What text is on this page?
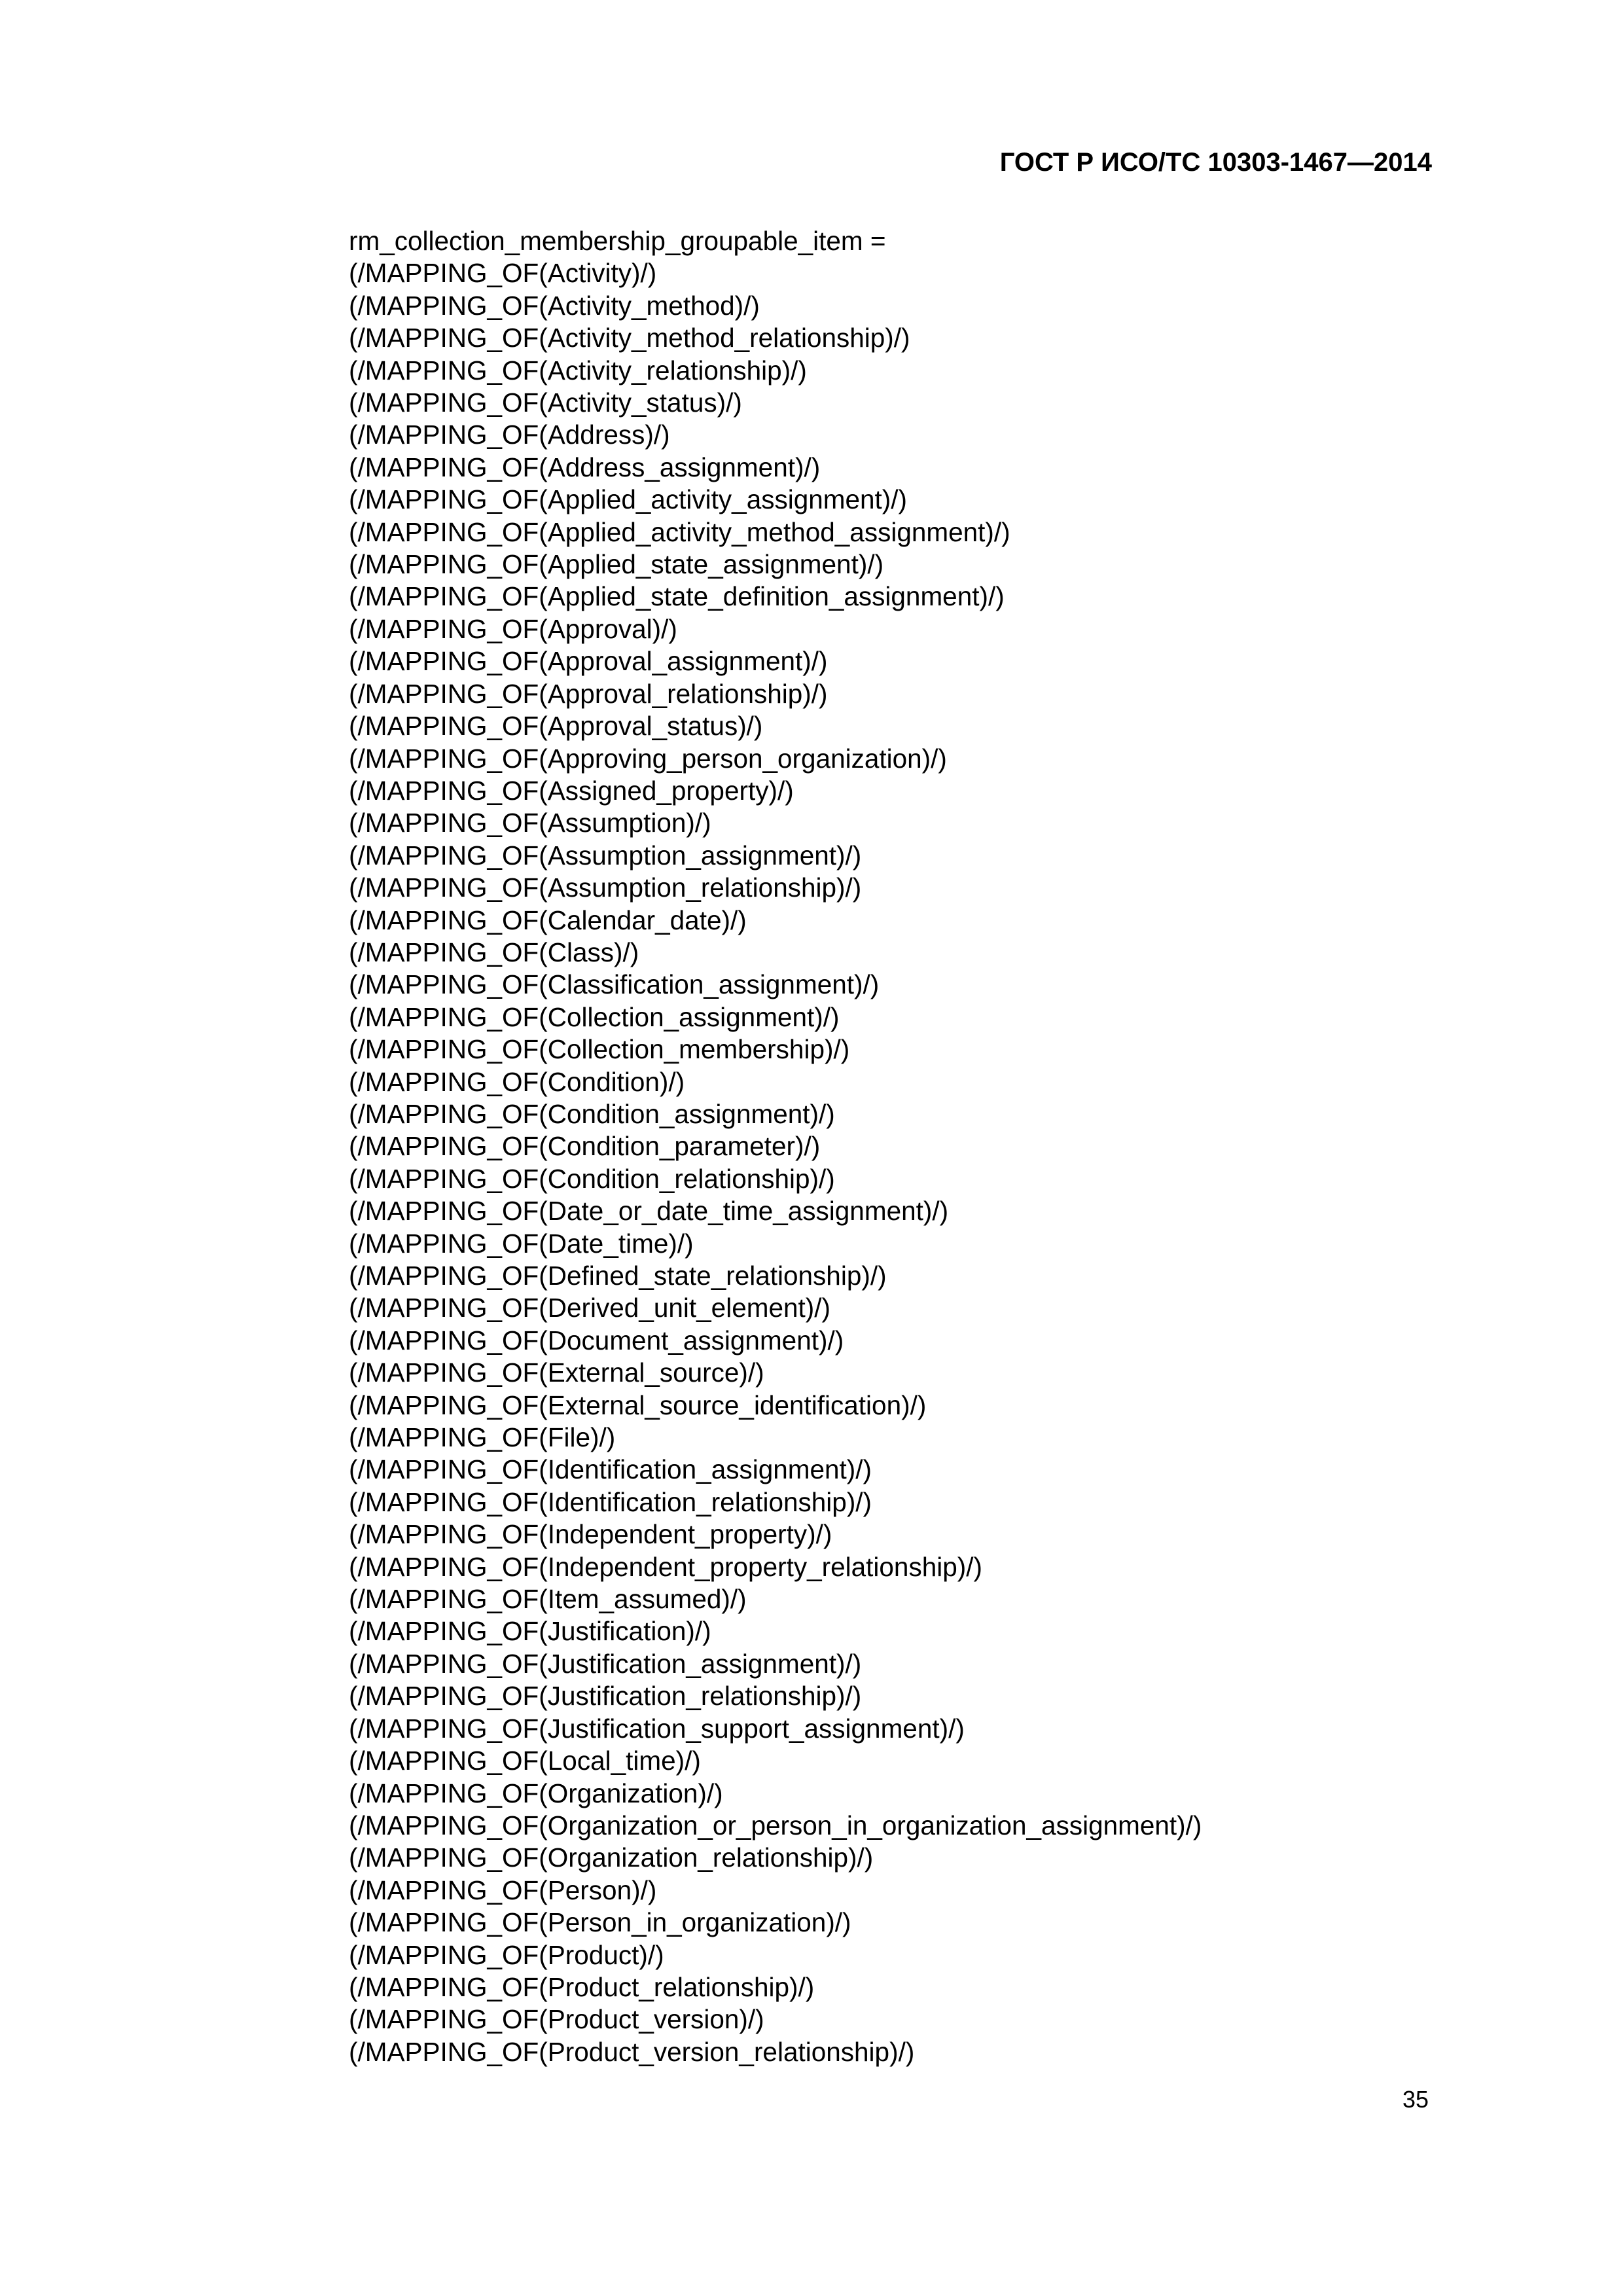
ГОСТ Р ИСО/ТС 10303-1467—2014
rm_collection_membership_groupable_item =
(/MAPPING_OF(Activity)/)
(/MAPPING_OF(Activity_method)/)
(/MAPPING_OF(Activity_method_relationship)/)
(/MAPPING_OF(Activity_relationship)/)
(/MAPPING_OF(Activity_status)/)
(/MAPPING_OF(Address)/)
(/MAPPING_OF(Address_assignment)/)
(/MAPPING_OF(Applied_activity_assignment)/)
(/MAPPING_OF(Applied_activity_method_assignment)/)
(/MAPPING_OF(Applied_state_assignment)/)
(/MAPPING_OF(Applied_state_definition_assignment)/)
(/MAPPING_OF(Approval)/)
(/MAPPING_OF(Approval_assignment)/)
(/MAPPING_OF(Approval_relationship)/)
(/MAPPING_OF(Approval_status)/)
(/MAPPING_OF(Approving_person_organization)/)
(/MAPPING_OF(Assigned_property)/)
(/MAPPING_OF(Assumption)/)
(/MAPPING_OF(Assumption_assignment)/)
(/MAPPING_OF(Assumption_relationship)/)
(/MAPPING_OF(Calendar_date)/)
(/MAPPING_OF(Class)/)
(/MAPPING_OF(Classification_assignment)/)
(/MAPPING_OF(Collection_assignment)/)
(/MAPPING_OF(Collection_membership)/)
(/MAPPING_OF(Condition)/)
(/MAPPING_OF(Condition_assignment)/)
(/MAPPING_OF(Condition_parameter)/)
(/MAPPING_OF(Condition_relationship)/)
(/MAPPING_OF(Date_or_date_time_assignment)/)
(/MAPPING_OF(Date_time)/)
(/MAPPING_OF(Defined_state_relationship)/)
(/MAPPING_OF(Derived_unit_element)/)
(/MAPPING_OF(Document_assignment)/)
(/MAPPING_OF(External_source)/)
(/MAPPING_OF(External_source_identification)/)
(/MAPPING_OF(File)/)
(/MAPPING_OF(Identification_assignment)/)
(/MAPPING_OF(Identification_relationship)/)
(/MAPPING_OF(Independent_property)/)
(/MAPPING_OF(Independent_property_relationship)/)
(/MAPPING_OF(Item_assumed)/)
(/MAPPING_OF(Justification)/)
(/MAPPING_OF(Justification_assignment)/)
(/MAPPING_OF(Justification_relationship)/)
(/MAPPING_OF(Justification_support_assignment)/)
(/MAPPING_OF(Local_time)/)
(/MAPPING_OF(Organization)/)
(/MAPPING_OF(Organization_or_person_in_organization_assignment)/)
(/MAPPING_OF(Organization_relationship)/)
(/MAPPING_OF(Person)/)
(/MAPPING_OF(Person_in_organization)/)
(/MAPPING_OF(Product)/)
(/MAPPING_OF(Product_relationship)/)
(/MAPPING_OF(Product_version)/)
(/MAPPING_OF(Product_version_relationship)/)
35
